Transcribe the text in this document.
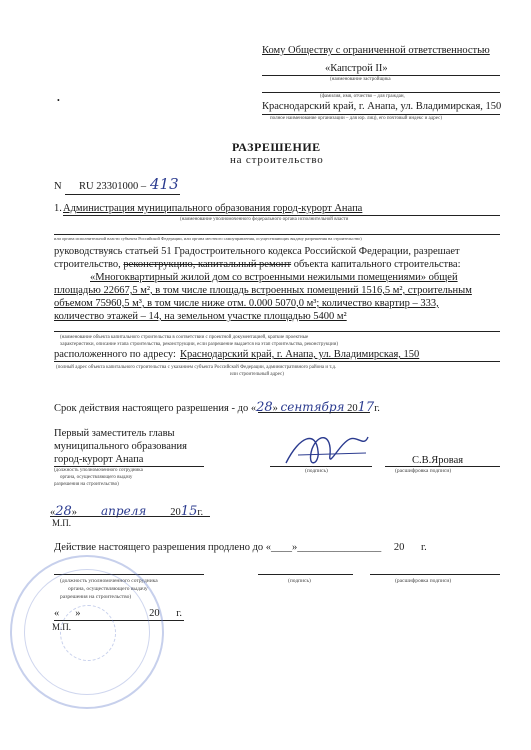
Кому Обществу с ограниченной ответственностью
«Капстрой II»
(наименование застройщика
(фамилия, имя, отчество – для граждан,
Краснодарский край, г. Анапа, ул. Владимирская, 150
полное наименование организации – для юр. лиц), его почтовый индекс и адрес)
•
РАЗРЕШЕНИЕ
на строительство
N RU 23301000 – 413
1. Администрация муниципального образования город-курорт Анапа
(наименование уполномоченного федерального органа исполнительной власти
или органа исполнительной власти субъекта Российской Федерации, или органа местного самоуправления, осуществляющих выдачу разрешения на строительство)
руководствуясь статьей 51 Градостроительного кодекса Российской Федерации, разрешает
строительство, реконструкцию, капитальный ремонт объекта капитального строительства:
«Многоквартирный жилой дом со встроенными нежилыми помещениями» общей
площадью 22667,5 м², в том числе площадь встроенных помещений 1516,5 м², строительным
объемом 75960,5 м³, в том числе ниже отм. 0.000 5070,0 м³; количество квартир – 333,
количество этажей – 14, на земельном участке площадью 5400 м²
(наименование объекта капитального строительства в соответствии с проектной документацией, краткие проектные
характеристики, описание этапа строительства, реконструкции, если разрешение выдается на этап строительства, реконструкции)
расположенного по адресу: Краснодарский край, г. Анапа, ул. Владимирская, 150
(полный адрес объекта капитального строительства с указанием субъекта Российской Федерации, административного района и т.д.
или строительный адрес)
Срок действия настоящего разрешения - до «28» сентября 2017г.
Первый заместитель главы
муниципального образования
город-курорт Анапа
(должность уполномоченного сотрудника
органа, осуществляющего выдачу
разрешения на строительство)
(подпись)
С.В.Яровая
(расшифровка подписи)
«28» апреля 2015г.
М.П.
Действие настоящего разрешения продлено до «____»________________ 20 г.
(должность уполномоченного сотрудника
органа, осуществляющего выдачу
разрешения на строительство)
(подпись)	(расшифровка подписи)
« »	20 г.
М.П.
